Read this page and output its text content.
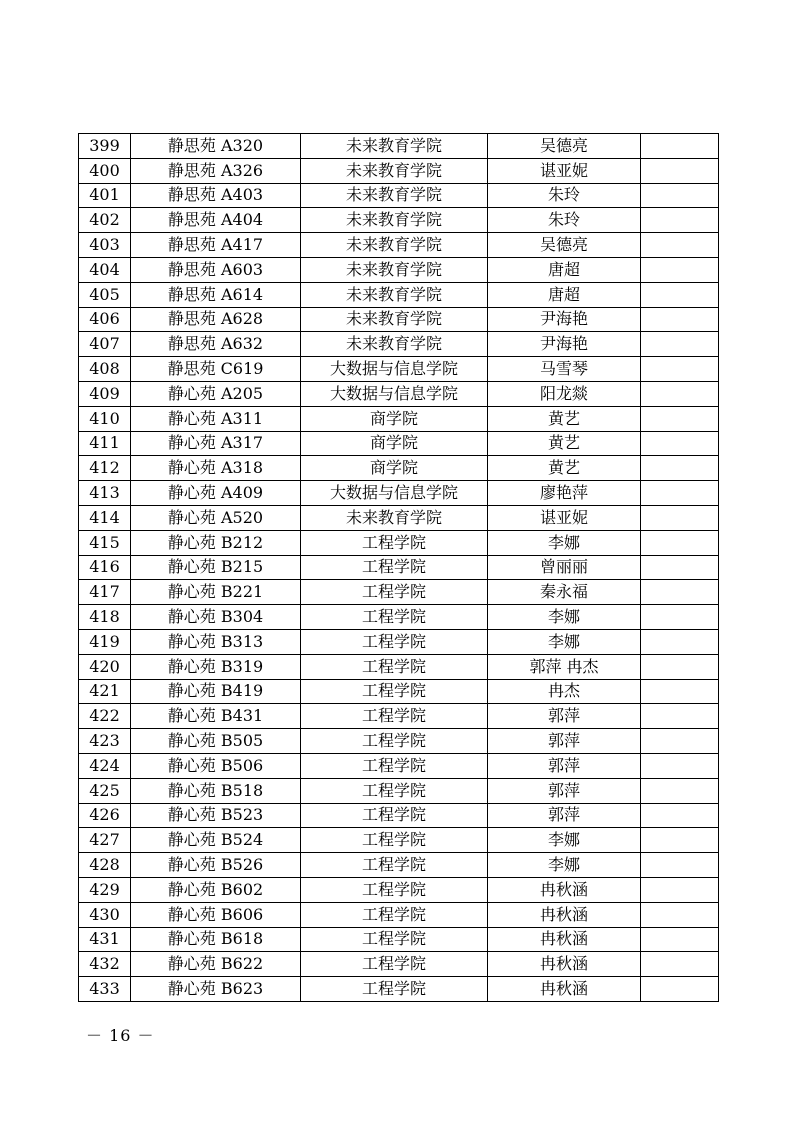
399	静思苑 A320	未来教育学院	吴德亮	
400	静思苑 A326	未来教育学院	谌亚妮	
401	静思苑 A403	未来教育学院	朱玲	
402	静思苑 A404	未来教育学院	朱玲	
403	静思苑 A417	未来教育学院	吴德亮	
404	静思苑 A603	未来教育学院	唐超	
405	静思苑 A614	未来教育学院	唐超	
406	静思苑 A628	未来教育学院	尹海艳	
407	静思苑 A632	未来教育学院	尹海艳	
408	静思苑 C619	大数据与信息学院	马雪琴	
409	静心苑 A205	大数据与信息学院	阳龙燚	
410	静心苑 A311	商学院	黄艺	
411	静心苑 A317	商学院	黄艺	
412	静心苑 A318	商学院	黄艺	
413	静心苑 A409	大数据与信息学院	廖艳萍	
414	静心苑 A520	未来教育学院	谌亚妮	
415	静心苑 B212	工程学院	李娜	
416	静心苑 B215	工程学院	曾丽丽	
417	静心苑 B221	工程学院	秦永福	
418	静心苑 B304	工程学院	李娜	
419	静心苑 B313	工程学院	李娜	
420	静心苑 B319	工程学院	郭萍 冉杰	
421	静心苑 B419	工程学院	冉杰	
422	静心苑 B431	工程学院	郭萍	
423	静心苑 B505	工程学院	郭萍	
424	静心苑 B506	工程学院	郭萍	
425	静心苑 B518	工程学院	郭萍	
426	静心苑 B523	工程学院	郭萍	
427	静心苑 B524	工程学院	李娜	
428	静心苑 B526	工程学院	李娜	
429	静心苑 B602	工程学院	冉秋涵	
430	静心苑 B606	工程学院	冉秋涵	
431	静心苑 B618	工程学院	冉秋涵	
432	静心苑 B622	工程学院	冉秋涵	
433	静心苑 B623	工程学院	冉秋涵	
－ 16 －
